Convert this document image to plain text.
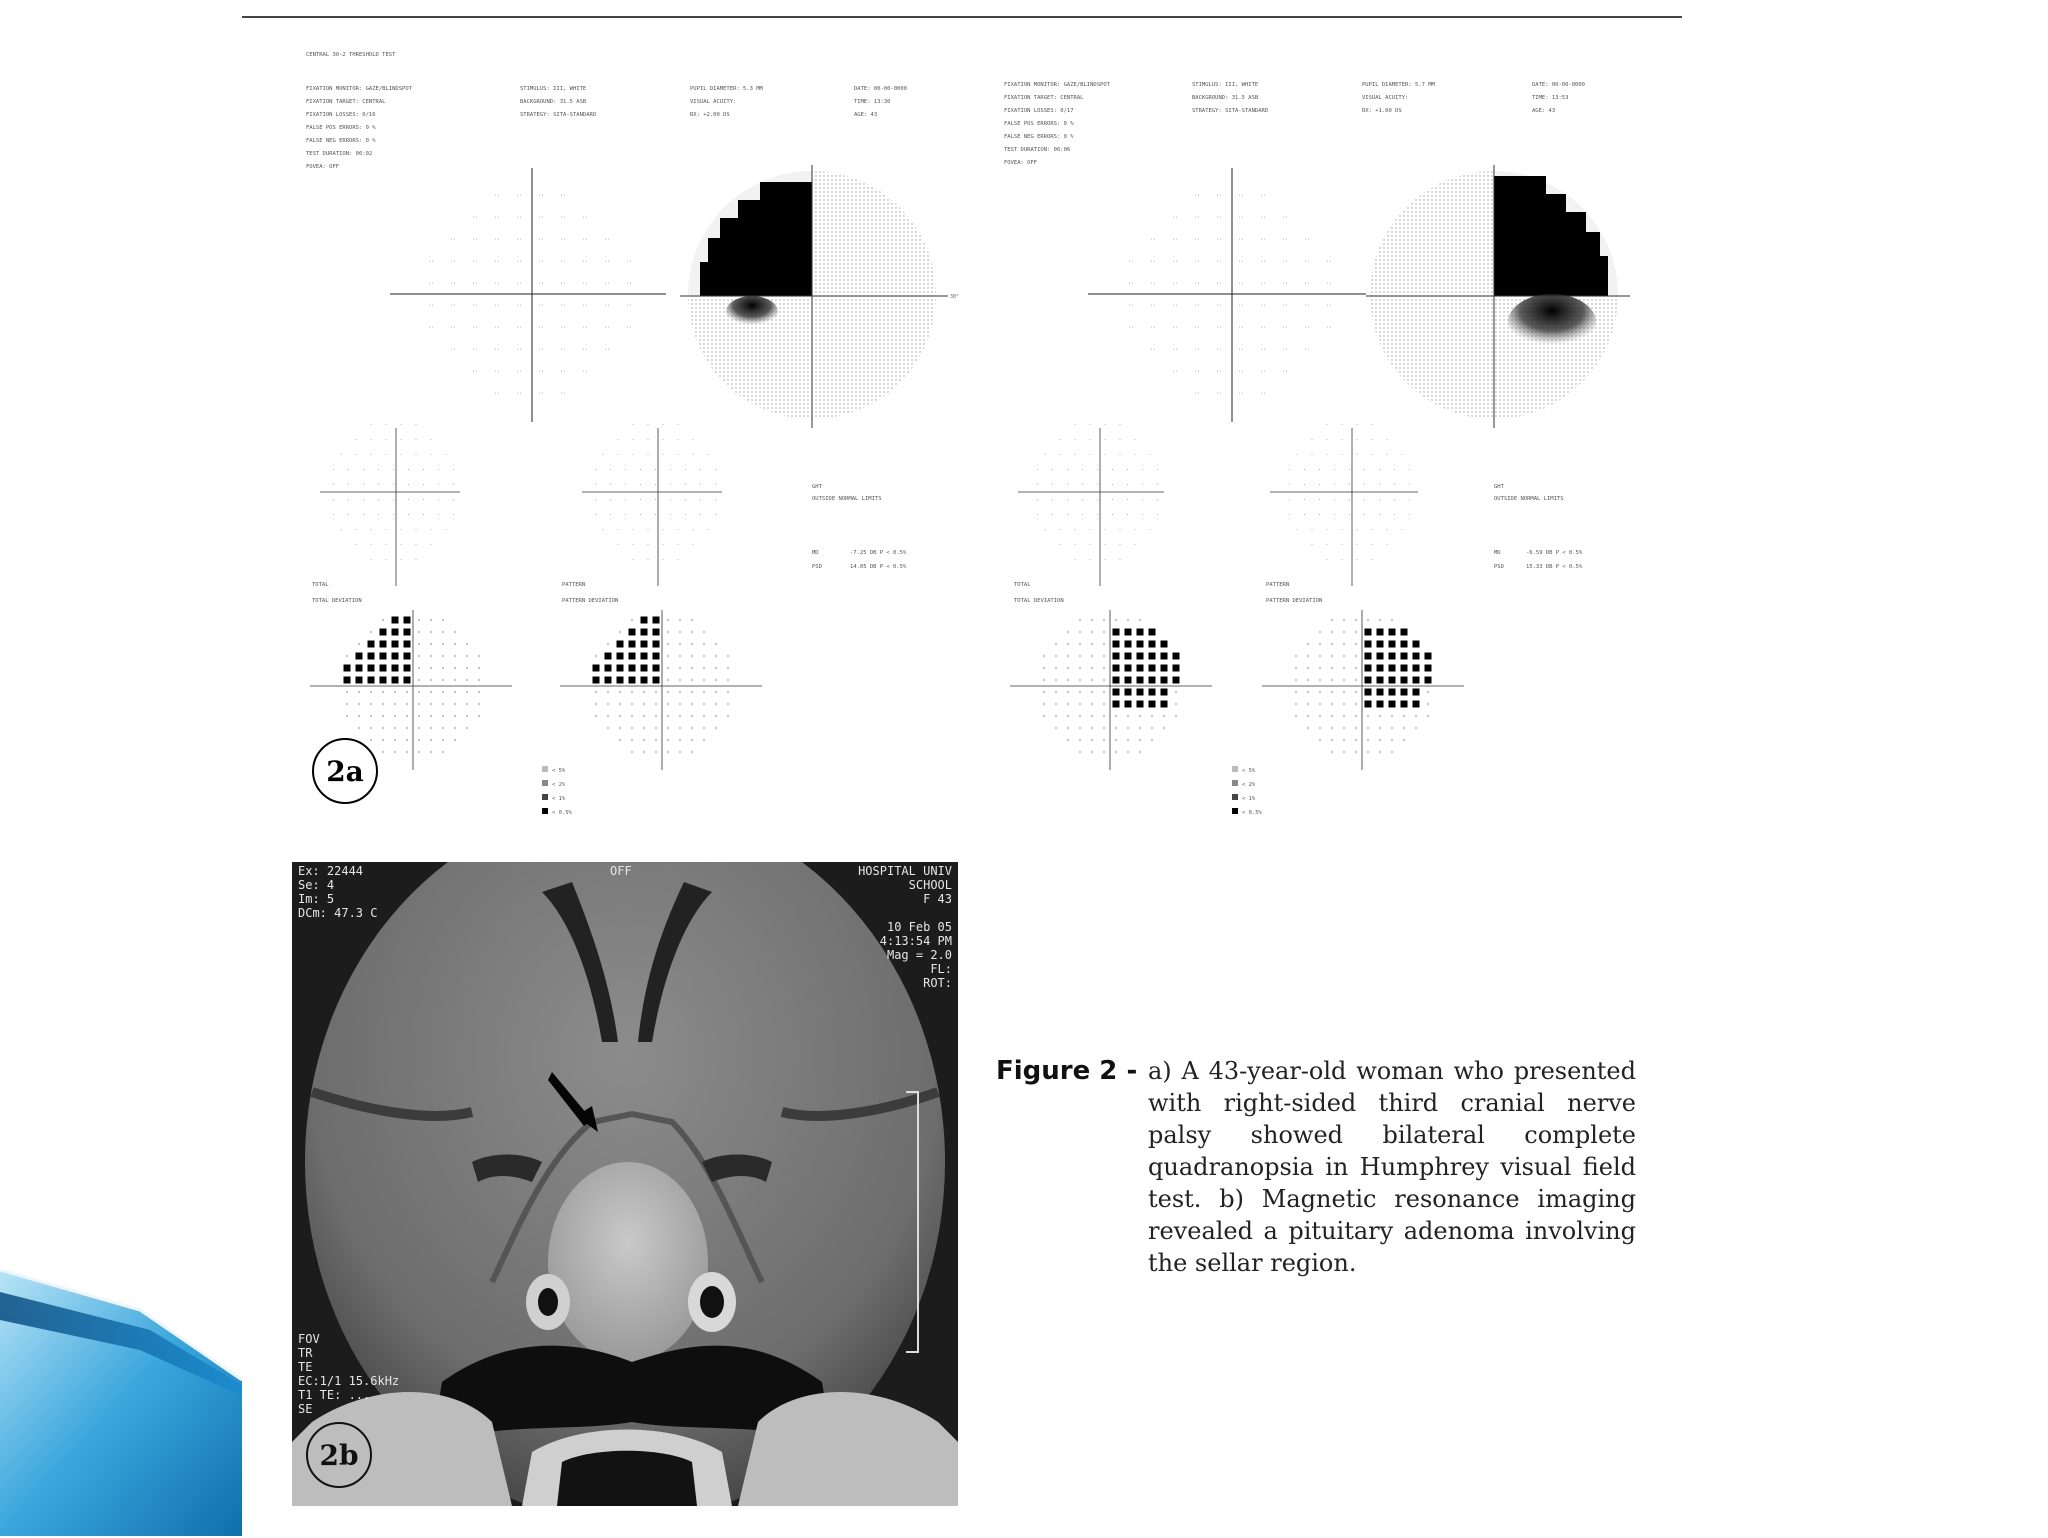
CENTRAL 30-2 THRESHOLD TEST
FIXATION MONITOR: GAZE/BLINDSPOT
FIXATION TARGET: CENTRAL
FIXATION LOSSES: 0/16
FALSE POS ERRORS: 0 %
FALSE NEG ERRORS: 0 %
TEST DURATION: 06:02
FOVEA: OFF
STIMULUS: III, WHITE
BACKGROUND: 31.5 ASB
STRATEGY: SITA-STANDARD
PUPIL DIAMETER: 5.3 MM
VISUAL ACUITY:
RX: +2.00 DS
DATE: 00-00-0000
TIME: 13:30
AGE: 43
FIXATION MONITOR: GAZE/BLINDSPOT
FIXATION TARGET: CENTRAL
FIXATION LOSSES: 0/17
FALSE POS ERRORS: 0 %
FALSE NEG ERRORS: 0 %
TEST DURATION: 06:06
FOVEA: OFF
STIMULUS: III, WHITE
BACKGROUND: 31.5 ASB
STRATEGY: SITA-STANDARD
PUPIL DIAMETER: 5.7 MM
VISUAL ACUITY:
RX: +1.00 DS
DATE: 00-00-0000
TIME: 13:53
AGE: 43
··	··	··	··
··	··	··	··	··	··
··	··	··	··	··	··	··	··
··	··	··	··	··	··	··	··	··	··
··	··	··	··	··	··	··	··	··	··
··	··	··	··	··	··	··	··	··	··
··	··	··	··	··	··	··	··	··	··
··	··	··	··	··	··	··	··
··	··	··	··	··	··
··	··	··	··
30°
· · · ·
· · · · · ·
· · · · · · · ·
· · · · · · · · ·
· · · · · · · · ·
· · · · · · · · ·
· · · · · · · · ·
· · · · · · · ·
· · · · · ·
· · · ·
· · · ·
· · · · · ·
· · · · · · · ·
· · · · · · · · ·
· · · · · · · · ·
· · · · · · · · ·
· · · · · · · · ·
· · · · · · · ·
· · · · · ·
· · · ·
TOTAL
TOTAL DEVIATION
PATTERN
PATTERN DEVIATION
GHT
OUTSIDE NORMAL LIMITS
MD	-7.25 DB P < 0.5%
PSD	14.05 DB P < 0.5%
< 5%
< 2%
< 1%
< 0.5%
··	··	··	··
··	··	··	··	··	··
··	··	··	··	··	··	··	··
··	··	··	··	··	··	··	··	··	··
··	··	··	··	··	··	··	··	··	··
··	··	··	··	··	··	··	··	··	··
··	··	··	··	··	··	··	··	··	··
··	··	··	··	··	··	··	··
··	··	··	··	··	··
··	··	··	··
· · · ·
· · · · · ·
· · · · · · · ·
· · · · · · · · ·
· · · · · · · · ·
· · · · · · · · ·
· · · · · · · · ·
· · · · · · · ·
· · · · · ·
· · · ·
· · · ·
· · · · · ·
· · · · · · · ·
· · · · · · · · ·
· · · · · · · · ·
· · · · · · · · ·
· · · · · · · · ·
· · · · · · · ·
· · · · · ·
· · · ·
TOTAL
TOTAL DEVIATION
PATTERN
PATTERN DEVIATION
GHT
OUTSIDE NORMAL LIMITS
MD	-6.59 DB P < 0.5%
PSD	15.33 DB P < 0.5%
< 5%
< 2%
< 1%
< 0.5%
2a
Ex: 22444
Se: 4
Im: 5
DCm: 47.3 C
OFF	HOSPITAL UNIV
SCHOOL
F 43

10 Feb 05
4:13:54 PM
Mag = 2.0
FL:
ROT:
FOV
TR
TE
EC:1/1 15.6kHz
T1 TE: ...
SE
2b
Figure 2 - a) A 43-year-old woman who presented with right-sided third cranial nerve palsy showed bilateral complete quadranopsia in Humphrey visual field test. b) Magnetic resonance imaging revealed a pituitary adenoma involving the sellar region.
